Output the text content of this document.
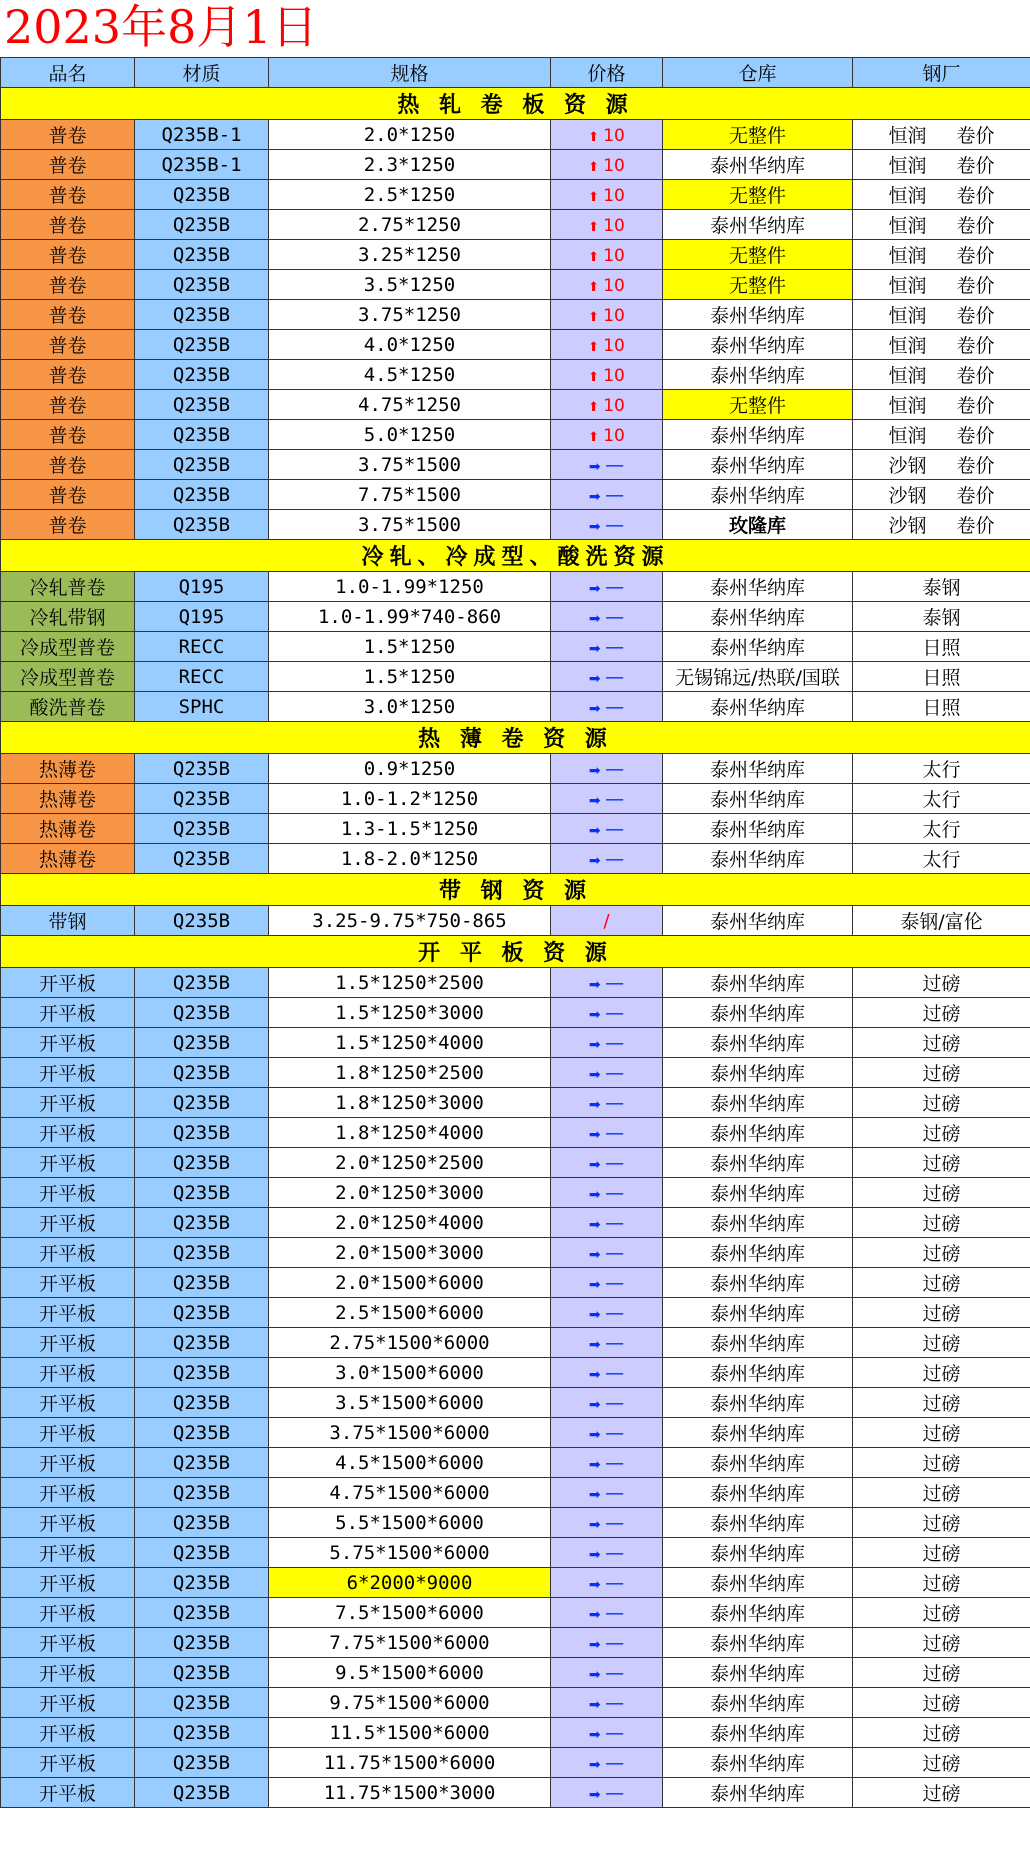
2023年8月1日
品名	材质	规格	价格	仓库	钢厂
热 轧 卷 板 资 源					
普卷	Q235B-1	2.0*1250	⬆ 10	无整件	恒润 卷价
普卷	Q235B-1	2.3*1250	⬆ 10	泰州华纳库	恒润 卷价
普卷	Q235B	2.5*1250	⬆ 10	无整件	恒润 卷价
普卷	Q235B	2.75*1250	⬆ 10	泰州华纳库	恒润 卷价
普卷	Q235B	3.25*1250	⬆ 10	无整件	恒润 卷价
普卷	Q235B	3.5*1250	⬆ 10	无整件	恒润 卷价
普卷	Q235B	3.75*1250	⬆ 10	泰州华纳库	恒润 卷价
普卷	Q235B	4.0*1250	⬆ 10	泰州华纳库	恒润 卷价
普卷	Q235B	4.5*1250	⬆ 10	泰州华纳库	恒润 卷价
普卷	Q235B	4.75*1250	⬆ 10	无整件	恒润 卷价
普卷	Q235B	5.0*1250	⬆ 10	泰州华纳库	恒润 卷价
普卷	Q235B	3.75*1500	➡ —	泰州华纳库	沙钢 卷价
普卷	Q235B	7.75*1500	➡ —	泰州华纳库	沙钢 卷价
普卷	Q235B	3.75*1500	➡ —	玫隆库	沙钢 卷价
冷轧、冷成型、酸洗资源					
冷轧普卷	Q195	1.0-1.99*1250	➡ —	泰州华纳库	泰钢
冷轧带钢	Q195	1.0-1.99*740-860	➡ —	泰州华纳库	泰钢
冷成型普卷	RECC	1.5*1250	➡ —	泰州华纳库	日照
冷成型普卷	RECC	1.5*1250	➡ —	无锡锦远/热联/国联	日照
酸洗普卷	SPHC	3.0*1250	➡ —	泰州华纳库	日照
热 薄 卷 资 源					
热薄卷	Q235B	0.9*1250	➡ —	泰州华纳库	太行
热薄卷	Q235B	1.0-1.2*1250	➡ —	泰州华纳库	太行
热薄卷	Q235B	1.3-1.5*1250	➡ —	泰州华纳库	太行
热薄卷	Q235B	1.8-2.0*1250	➡ —	泰州华纳库	太行
带 钢 资 源					
带钢	Q235B	3.25-9.75*750-865	/	泰州华纳库	泰钢/富伦
开 平 板 资 源					
开平板	Q235B	1.5*1250*2500	➡ —	泰州华纳库	过磅
开平板	Q235B	1.5*1250*3000	➡ —	泰州华纳库	过磅
开平板	Q235B	1.5*1250*4000	➡ —	泰州华纳库	过磅
开平板	Q235B	1.8*1250*2500	➡ —	泰州华纳库	过磅
开平板	Q235B	1.8*1250*3000	➡ —	泰州华纳库	过磅
开平板	Q235B	1.8*1250*4000	➡ —	泰州华纳库	过磅
开平板	Q235B	2.0*1250*2500	➡ —	泰州华纳库	过磅
开平板	Q235B	2.0*1250*3000	➡ —	泰州华纳库	过磅
开平板	Q235B	2.0*1250*4000	➡ —	泰州华纳库	过磅
开平板	Q235B	2.0*1500*3000	➡ —	泰州华纳库	过磅
开平板	Q235B	2.0*1500*6000	➡ —	泰州华纳库	过磅
开平板	Q235B	2.5*1500*6000	➡ —	泰州华纳库	过磅
开平板	Q235B	2.75*1500*6000	➡ —	泰州华纳库	过磅
开平板	Q235B	3.0*1500*6000	➡ —	泰州华纳库	过磅
开平板	Q235B	3.5*1500*6000	➡ —	泰州华纳库	过磅
开平板	Q235B	3.75*1500*6000	➡ —	泰州华纳库	过磅
开平板	Q235B	4.5*1500*6000	➡ —	泰州华纳库	过磅
开平板	Q235B	4.75*1500*6000	➡ —	泰州华纳库	过磅
开平板	Q235B	5.5*1500*6000	➡ —	泰州华纳库	过磅
开平板	Q235B	5.75*1500*6000	➡ —	泰州华纳库	过磅
开平板	Q235B	6*2000*9000	➡ —	泰州华纳库	过磅
开平板	Q235B	7.5*1500*6000	➡ —	泰州华纳库	过磅
开平板	Q235B	7.75*1500*6000	➡ —	泰州华纳库	过磅
开平板	Q235B	9.5*1500*6000	➡ —	泰州华纳库	过磅
开平板	Q235B	9.75*1500*6000	➡ —	泰州华纳库	过磅
开平板	Q235B	11.5*1500*6000	➡ —	泰州华纳库	过磅
开平板	Q235B	11.75*1500*6000	➡ —	泰州华纳库	过磅
开平板	Q235B	11.75*1500*3000	➡ —	泰州华纳库	过磅
